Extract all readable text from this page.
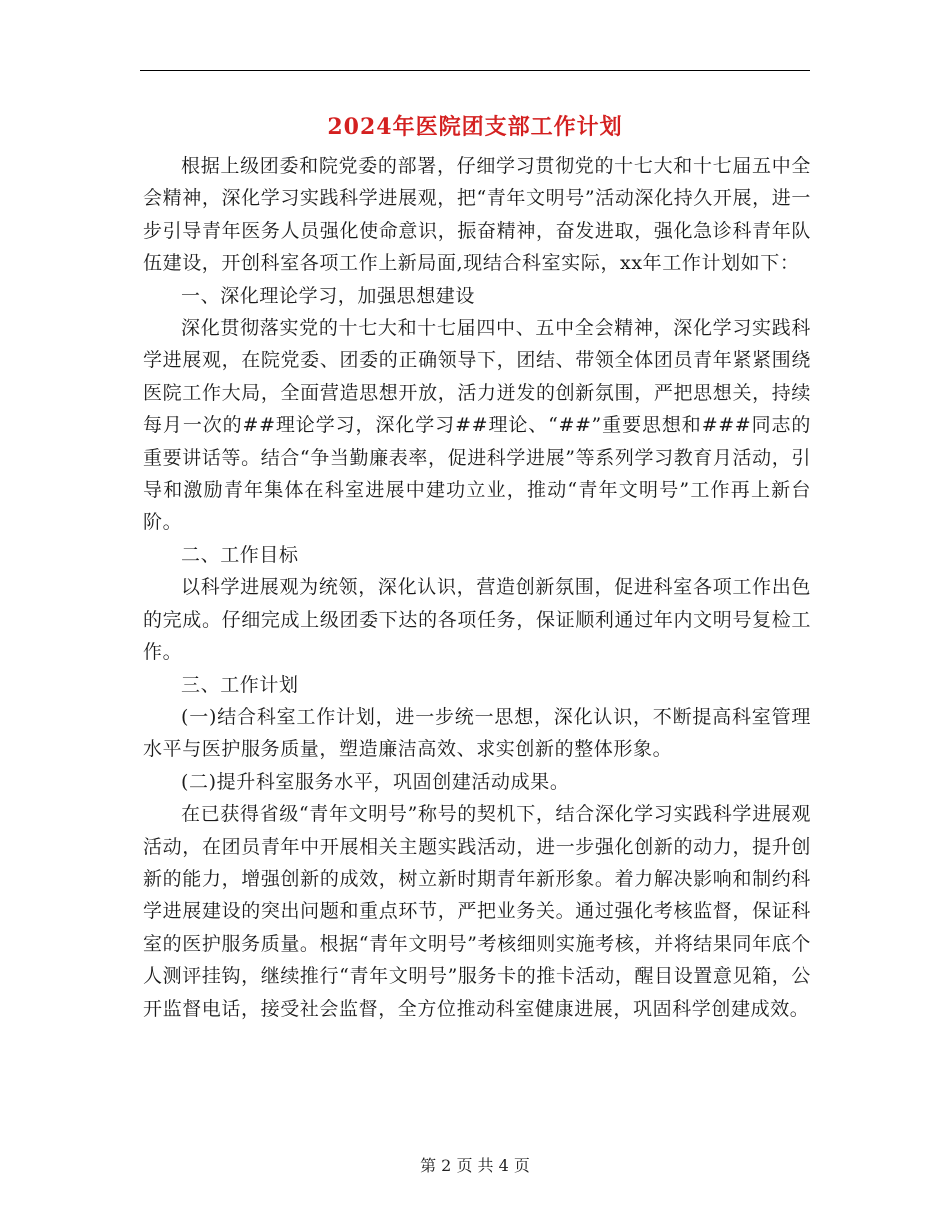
2024年医院团支部工作计划

根据上级团委和院党委的部署，仔细学习贯彻党的十七大和十七届五中全会精神，深化学习实践科学进展观，把“青年文明号”活动深化持久开展，进一步引导青年医务人员强化使命意识，振奋精神，奋发进取，强化急诊科青年队伍建设，开创科室各项工作上新局面,现结合科室实际，xx年工作计划如下：

一、深化理论学习，加强思想建设

深化贯彻落实党的十七大和十七届四中、五中全会精神，深化学习实践科学进展观，在院党委、团委的正确领导下，团结、带领全体团员青年紧紧围绕医院工作大局，全面营造思想开放，活力迸发的创新氛围，严把思想关，持续每月一次的##理论学习，深化学习##理论、“##”重要思想和###同志的重要讲话等。结合“争当勤廉表率，促进科学进展”等系列学习教育月活动，引导和激励青年集体在科室进展中建功立业，推动“青年文明号”工作再上新台阶。

二、工作目标

以科学进展观为统领，深化认识，营造创新氛围，促进科室各项工作出色的完成。仔细完成上级团委下达的各项任务，保证顺利通过年内文明号复检工作。

三、工作计划

(一)结合科室工作计划，进一步统一思想，深化认识，不断提高科室管理水平与医护服务质量，塑造廉洁高效、求实创新的整体形象。

(二)提升科室服务水平，巩固创建活动成果。

在已获得省级“青年文明号”称号的契机下，结合深化学习实践科学进展观活动，在团员青年中开展相关主题实践活动，进一步强化创新的动力，提升创新的能力，增强创新的成效，树立新时期青年新形象。着力解决影响和制约科学进展建设的突出问题和重点环节，严把业务关。通过强化考核监督，保证科室的医护服务质量。根据“青年文明号”考核细则实施考核，并将结果同年底个人测评挂钩，继续推行“青年文明号”服务卡的推卡活动，醒目设置意见箱，公开监督电话，接受社会监督，全方位推动科室健康进展，巩固科学创建成效。

第 2 页 共 4 页
